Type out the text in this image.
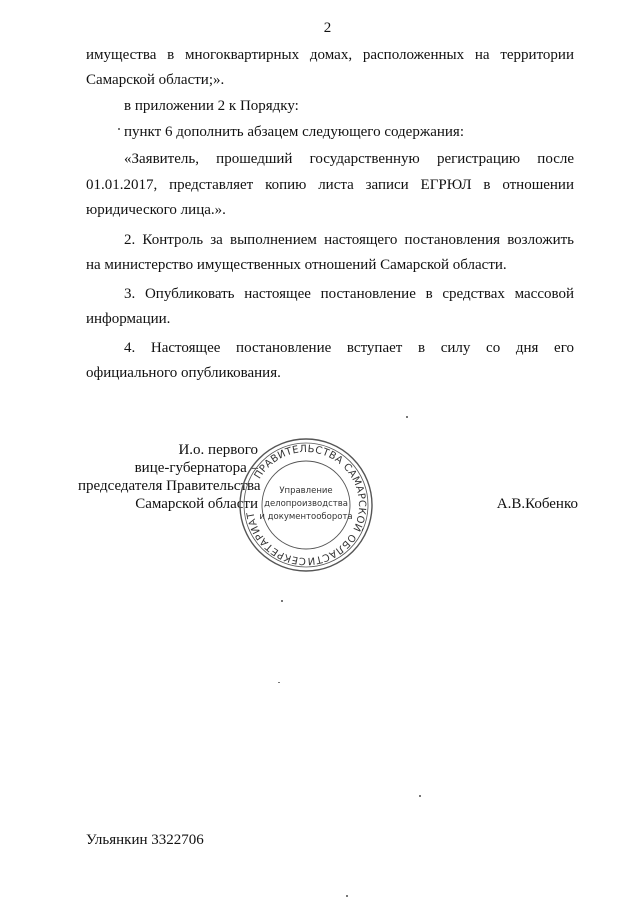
2

имущества в многоквартирных домах, расположенных на территории

Самарской области;».

в приложении 2 к Порядку:

пункт 6 дополнить абзацем следующего содержания:

«Заявитель, прошедший государственную регистрацию после

01.01.2017, представляет копию листа записи ЕГРЮЛ в отношении

юридического лица.».

2. Контроль за выполнением настоящего постановления возложить

на министерство имущественных отношений Самарской области.

3. Опубликовать настоящее постановление в средствах массовой

информации.

4. Настоящее постановление вступает в силу со дня его

официального опубликования.

И.о. первого
вице-губернатора –
председателя Правительства
Самарской области
ПРАВИТЕЛЬСТВА САМАРСКОЙ ОБЛАСТИ
СЕКРЕТАРИАТ
Управление
делопроизводства
и документооборота
А.В.Кобенко
Ульянкин 3322706
